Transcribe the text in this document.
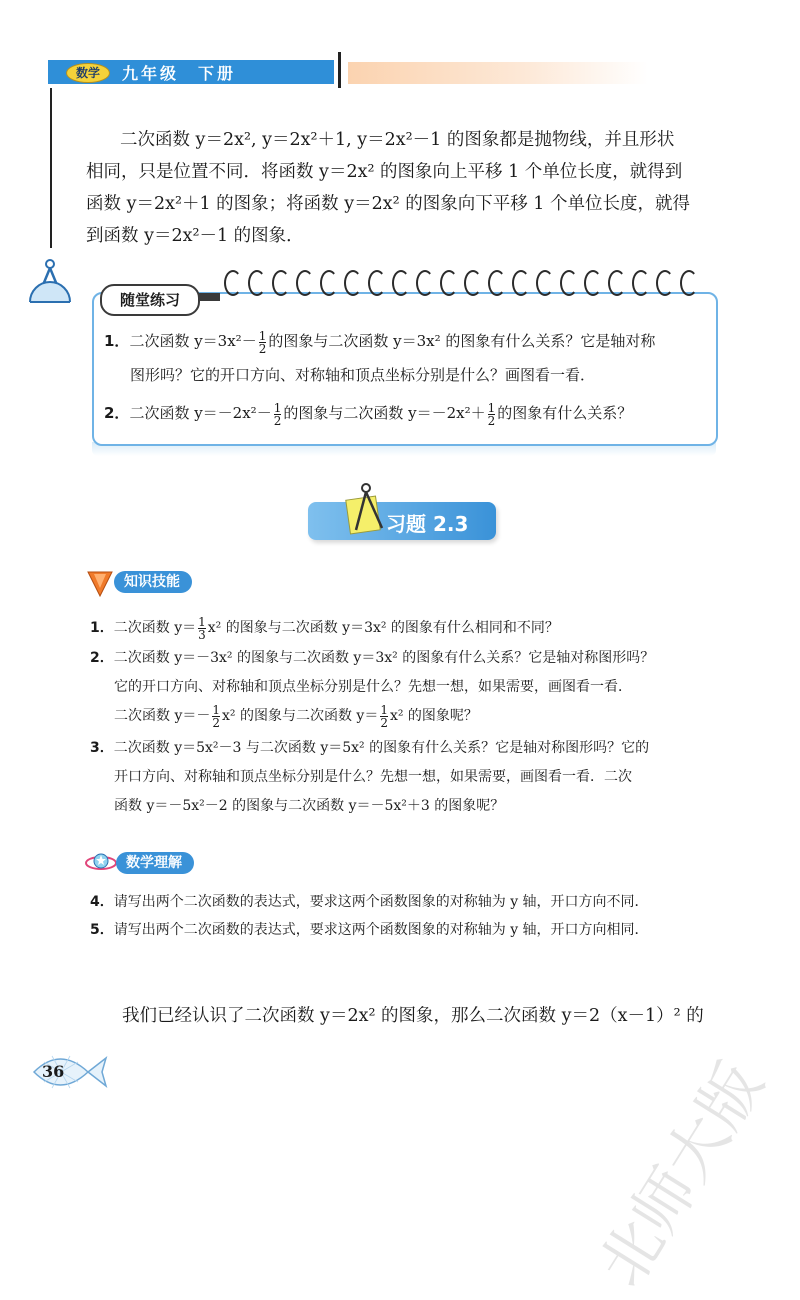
数学	九年级　下册

二次函数 y＝2x², y＝2x²＋1, y＝2x²－1 的图象都是抛物线，并且形状

相同，只是位置不同．将函数 y＝2x² 的图象向上平移 1 个单位长度，就得到

函数 y＝2x²＋1 的图象；将函数 y＝2x² 的图象向下平移 1 个单位长度，就得

到函数 y＝2x²－1 的图象．

随堂练习
1．二次函数 $y=3x^2- \frac{1}{2}$ 的图象与二次函数 y＝3x² 的图象有什么关系？它是轴对称
图形吗？它的开口方向、对称轴和顶点坐标分别是什么？画图看一看．
2．二次函数 $y=-2x^2- \frac{1}{2}$ 的图象与二次函数 $y=-2x^2+ \frac{1}{2}$ 的图象有什么关系？
习题 2.3
知识技能
1．二次函数 $y= \frac{1}{3} x^2$ 的图象与二次函数 y＝3x² 的图象有什么相同和不同？
2．二次函数 y＝－3x² 的图象与二次函数 y＝3x² 的图象有什么关系？它是轴对称图形吗？
它的开口方向、对称轴和顶点坐标分别是什么？先想一想，如果需要，画图看一看．
二次函数 $y=- \frac{1}{2} x^2$ 的图象与二次函数 $y= \frac{1}{2} x^2$ 的图象呢？
3．二次函数 y＝5x²－3 与二次函数 y＝5x² 的图象有什么关系？它是轴对称图形吗？它的
开口方向、对称轴和顶点坐标分别是什么？先想一想，如果需要，画图看一看．二次
函数 y＝－5x²－2 的图象与二次函数 y＝－5x²＋3 的图象呢？
数学理解
4．请写出两个二次函数的表达式，要求这两个函数图象的对称轴为 y 轴，开口方向不同．
5．请写出两个二次函数的表达式，要求这两个函数图象的对称轴为 y 轴，开口方向相同．
我们已经认识了二次函数 y＝2x² 的图象，那么二次函数 y＝2（x－1）² 的
36	北师大版
